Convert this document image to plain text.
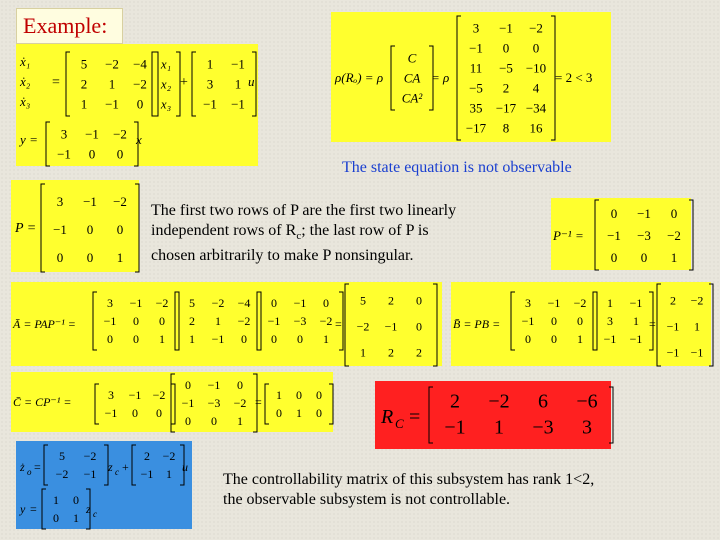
Example:
ẋ₁
ẋ₂
ẋ₃
=
5 −2 −4
2 1 −2
1 −1 0
x₁
x₂
x₃
+
1 −1
3 1
−1 −1
u
y = 3 −1 −2
−1 0 0
x
ρ(Rₒ) = ρ
C
CA
CA²
= ρ
3 −1 −2
−1 0 0
11 −5 −10
−5 2 4
35 −17 −34
−17 8 16
= 2 < 3
The state equation is not observable
P =
3 −1 −2
−1 0 0
0 0 1
The first two rows of P are the first two linearly
independent rows of $R_c$; the last row of P is
chosen arbitrarily to make P nonsingular.
P⁻¹ =
0 −1 0
−1 −3 −2
0 0 1
Ā = PAP⁻¹ =
3 −1 −2
−1 0 0
0 0 1
5 −2 −4
2 1 −2
1 −1 0
0 −1 0
−1 −3 −2
0 0 1
=
5 2 0
−2 −1 0
1 2 2
B̄ = PB =
3 −1 −2
−1 0 0
0 0 1
1 −1
3 1
−1 −1
=
2 −2
−1 1
−1 −1
C̄ = CP⁻¹ =
3 −1 −2
−1 0 0
0 −1 0
−1 −3 −2
0 0 1
=
1 0 0
0 1 0	R C =
2 −2 6 −6
−1 1 −3 3
ż o =
5 −2
−2 −1 z c +
2 −2
−1 1 u
y =
1 0
0 1
z c
The controllability matrix of this subsystem has rank 1<2,
the observable subsystem is not controllable.
